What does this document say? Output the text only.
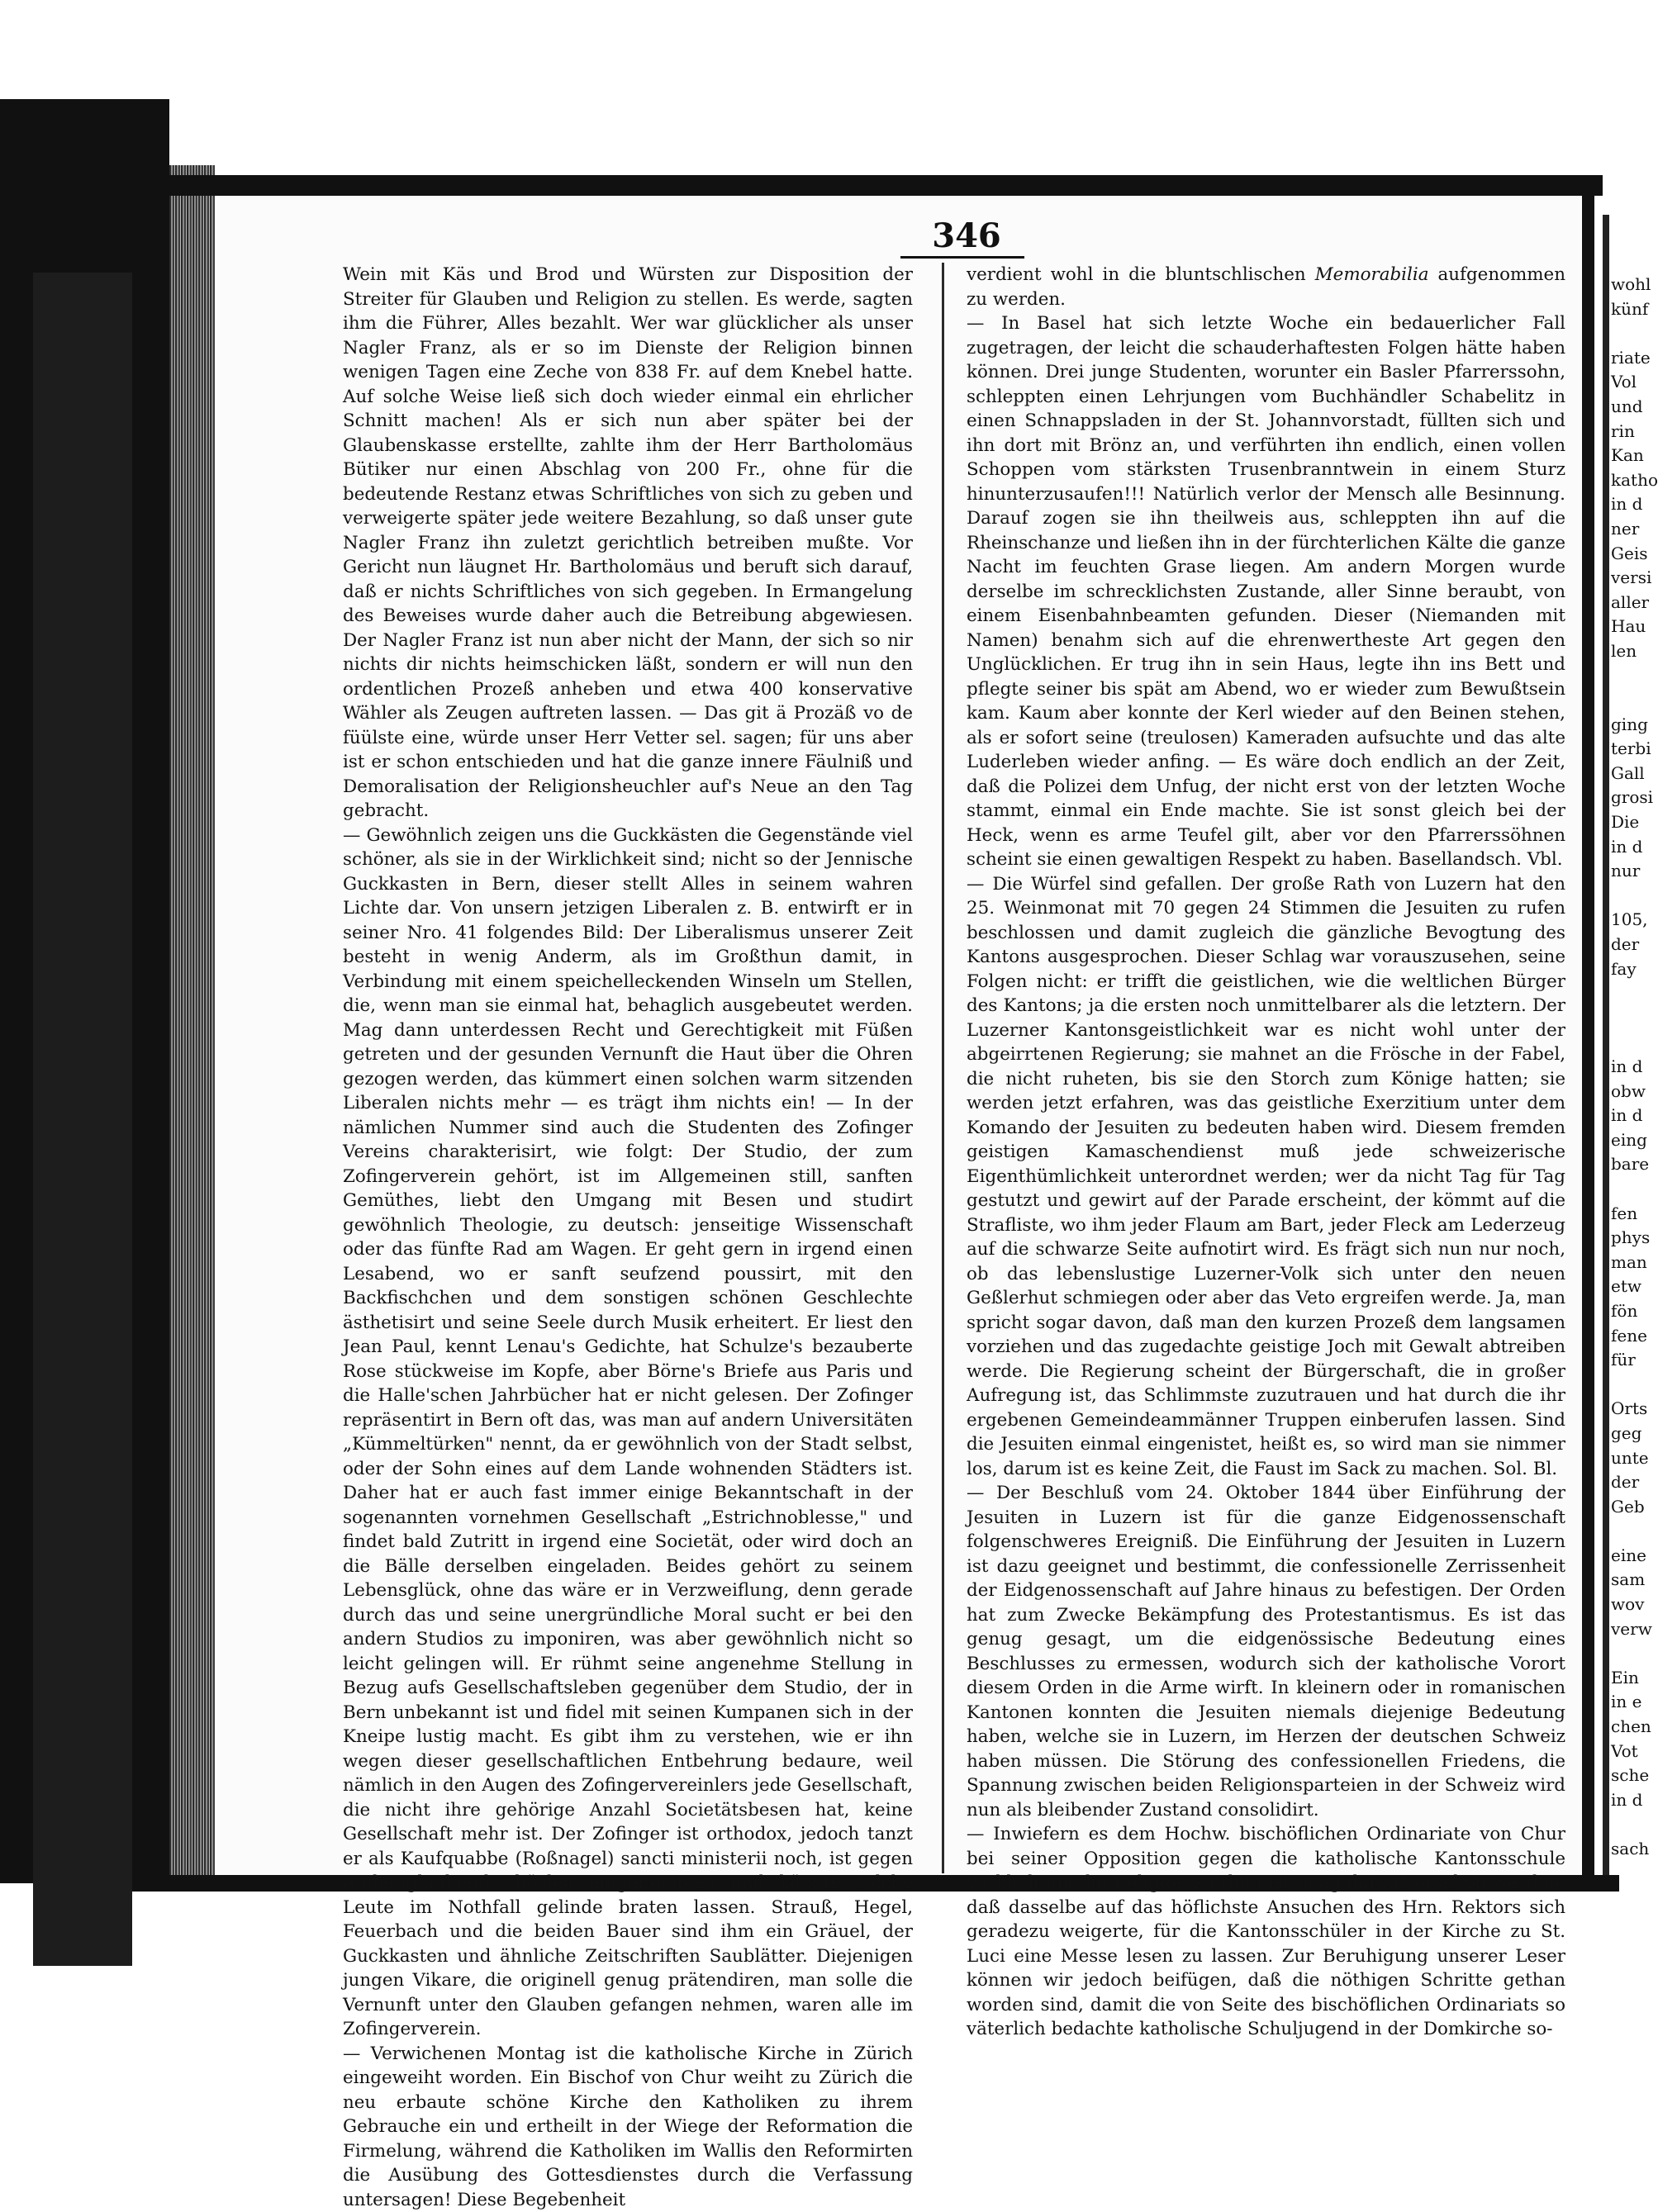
346

Wein mit Käs und Brod und Würsten zur Disposition der Streiter für Glauben und Religion zu stellen. Es werde, sagten ihm die Führer, Alles bezahlt. Wer war glücklicher als unser Nagler Franz, als er so im Dienste der Religion binnen wenigen Tagen eine Zeche von 838 Fr. auf dem Knebel hatte. Auf solche Weise ließ sich doch wieder einmal ein ehrlicher Schnitt machen! Als er sich nun aber später bei der Glaubenskasse erstellte, zahlte ihm der Herr Bartholomäus Bütiker nur einen Abschlag von 200 Fr., ohne für die bedeutende Restanz etwas Schriftliches von sich zu geben und verweigerte später jede weitere Bezahlung, so daß unser gute Nagler Franz ihn zuletzt gerichtlich betreiben mußte. Vor Gericht nun läugnet Hr. Bartholomäus und beruft sich darauf, daß er nichts Schriftliches von sich gegeben. In Ermangelung des Beweises wurde daher auch die Betreibung abgewiesen. Der Nagler Franz ist nun aber nicht der Mann, der sich so nir nichts dir nichts heimschicken läßt, sondern er will nun den ordentlichen Prozeß anheben und etwa 400 konservative Wähler als Zeugen auftreten lassen. — Das git ä Prozäß vo de füülste eine, würde unser Herr Vetter sel. sagen; für uns aber ist er schon entschieden und hat die ganze innere Fäulniß und Demoralisation der Religionsheuchler auf's Neue an den Tag gebracht.

— Gewöhnlich zeigen uns die Guckkästen die Gegenstände viel schöner, als sie in der Wirklichkeit sind; nicht so der Jennische Guckkasten in Bern, dieser stellt Alles in seinem wahren Lichte dar. Von unsern jetzigen Liberalen z. B. entwirft er in seiner Nro. 41 folgendes Bild: Der Liberalismus unserer Zeit besteht in wenig Anderm, als im Großthun damit, in Verbindung mit einem speichelleckenden Winseln um Stellen, die, wenn man sie einmal hat, behaglich ausgebeutet werden. Mag dann unterdessen Recht und Gerechtigkeit mit Füßen getreten und der gesunden Vernunft die Haut über die Ohren gezogen werden, das kümmert einen solchen warm sitzenden Liberalen nichts mehr — es trägt ihm nichts ein! — In der nämlichen Nummer sind auch die Studenten des Zofinger Vereins charakterisirt, wie folgt: Der Studio, der zum Zofingerverein gehört, ist im Allgemeinen still, sanften Gemüthes, liebt den Umgang mit Besen und studirt gewöhnlich Theologie, zu deutsch: jenseitige Wissenschaft oder das fünfte Rad am Wagen. Er geht gern in irgend einen Lesabend, wo er sanft seufzend poussirt, mit den Backfischchen und dem sonstigen schönen Geschlechte ästhetisirt und seine Seele durch Musik erheitert. Er liest den Jean Paul, kennt Lenau's Gedichte, hat Schulze's bezauberte Rose stückweise im Kopfe, aber Börne's Briefe aus Paris und die Halle'schen Jahrbücher hat er nicht gelesen. Der Zofinger repräsentirt in Bern oft das, was man auf andern Universitäten „Kümmeltürken" nennt, da er gewöhnlich von der Stadt selbst, oder der Sohn eines auf dem Lande wohnenden Städters ist. Daher hat er auch fast immer einige Bekanntschaft in der sogenannten vornehmen Gesellschaft „Estrichnoblesse," und findet bald Zutritt in irgend eine Societät, oder wird doch an die Bälle derselben eingeladen. Beides gehört zu seinem Lebensglück, ohne das wäre er in Verzweiflung, denn gerade durch das und seine unergründliche Moral sucht er bei den andern Studios zu imponiren, was aber gewöhnlich nicht so leicht gelingen will. Er rühmt seine angenehme Stellung in Bezug aufs Gesellschaftsleben gegenüber dem Studio, der in Bern unbekannt ist und fidel mit seinen Kumpanen sich in der Kneipe lustig macht. Es gibt ihm zu verstehen, wie er ihn wegen dieser gesellschaftlichen Entbehrung bedaure, weil nämlich in den Augen des Zofingervereinlers jede Gesellschaft, die nicht ihre gehörige Anzahl Societätsbesen hat, keine Gesellschaft mehr ist. Der Zofinger ist orthodox, jedoch tanzt er als Kaufquabbe (Roßnagel) sancti ministerii noch, ist gegen Andersglaubende höchst eingenommen und könnte solche Leute im Nothfall gelinde braten lassen. Strauß, Hegel, Feuerbach und die beiden Bauer sind ihm ein Gräuel, der Guckkasten und ähnliche Zeitschriften Saublätter. Diejenigen jungen Vikare, die originell genug prätendiren, man solle die Vernunft unter den Glauben gefangen nehmen, waren alle im Zofingerverein.

— Verwichenen Montag ist die katholische Kirche in Zürich eingeweiht worden. Ein Bischof von Chur weiht zu Zürich die neu erbaute schöne Kirche den Katholiken zu ihrem Gebrauche ein und ertheilt in der Wiege der Reformation die Firmelung, während die Katholiken im Wallis den Reformirten die Ausübung des Gottesdienstes durch die Verfassung untersagen! Diese Begebenheit

verdient wohl in die bluntschlischen Memorabilia aufgenommen zu werden.

— In Basel hat sich letzte Woche ein bedauerlicher Fall zugetragen, der leicht die schauderhaftesten Folgen hätte haben können. Drei junge Studenten, worunter ein Basler Pfarrerssohn, schleppten einen Lehrjungen vom Buchhändler Schabelitz in einen Schnappsladen in der St. Johannvorstadt, füllten sich und ihn dort mit Brönz an, und verführten ihn endlich, einen vollen Schoppen vom stärksten Trusenbranntwein in einem Sturz hinunterzusaufen!!! Natürlich verlor der Mensch alle Besinnung. Darauf zogen sie ihn theilweis aus, schleppten ihn auf die Rheinschanze und ließen ihn in der fürchterlichen Kälte die ganze Nacht im feuchten Grase liegen. Am andern Morgen wurde derselbe im schrecklichsten Zustande, aller Sinne beraubt, von einem Eisenbahnbeamten gefunden. Dieser (Niemanden mit Namen) benahm sich auf die ehrenwertheste Art gegen den Unglücklichen. Er trug ihn in sein Haus, legte ihn ins Bett und pflegte seiner bis spät am Abend, wo er wieder zum Bewußtsein kam. Kaum aber konnte der Kerl wieder auf den Beinen stehen, als er sofort seine (treulosen) Kameraden aufsuchte und das alte Luderleben wieder anfing. — Es wäre doch endlich an der Zeit, daß die Polizei dem Unfug, der nicht erst von der letzten Woche stammt, einmal ein Ende machte. Sie ist sonst gleich bei der Heck, wenn es arme Teufel gilt, aber vor den Pfarrerssöhnen scheint sie einen gewaltigen Respekt zu haben. Basellandsch. Vbl.

— Die Würfel sind gefallen. Der große Rath von Luzern hat den 25. Weinmonat mit 70 gegen 24 Stimmen die Jesuiten zu rufen beschlossen und damit zugleich die gänzliche Bevogtung des Kantons ausgesprochen. Dieser Schlag war vorauszusehen, seine Folgen nicht: er trifft die geistlichen, wie die weltlichen Bürger des Kantons; ja die ersten noch unmittelbarer als die letztern. Der Luzerner Kantonsgeistlichkeit war es nicht wohl unter der abgeirrtenen Regierung; sie mahnet an die Frösche in der Fabel, die nicht ruheten, bis sie den Storch zum Könige hatten; sie werden jetzt erfahren, was das geistliche Exerzitium unter dem Komando der Jesuiten zu bedeuten haben wird. Diesem fremden geistigen Kamaschendienst muß jede schweizerische Eigenthümlichkeit unterordnet werden; wer da nicht Tag für Tag gestutzt und gewirt auf der Parade erscheint, der kömmt auf die Strafliste, wo ihm jeder Flaum am Bart, jeder Fleck am Lederzeug auf die schwarze Seite aufnotirt wird. Es frägt sich nun nur noch, ob das lebenslustige Luzerner-Volk sich unter den neuen Geßlerhut schmiegen oder aber das Veto ergreifen werde. Ja, man spricht sogar davon, daß man den kurzen Prozeß dem langsamen vorziehen und das zugedachte geistige Joch mit Gewalt abtreiben werde. Die Regierung scheint der Bürgerschaft, die in großer Aufregung ist, das Schlimmste zuzutrauen und hat durch die ihr ergebenen Gemeindeammänner Truppen einberufen lassen. Sind die Jesuiten einmal eingenistet, heißt es, so wird man sie nimmer los, darum ist es keine Zeit, die Faust im Sack zu machen. Sol. Bl.

— Der Beschluß vom 24. Oktober 1844 über Einführung der Jesuiten in Luzern ist für die ganze Eidgenossenschaft folgenschweres Ereigniß. Die Einführung der Jesuiten in Luzern ist dazu geeignet und bestimmt, die confessionelle Zerrissenheit der Eidgenossenschaft auf Jahre hinaus zu befestigen. Der Orden hat zum Zwecke Bekämpfung des Protestantismus. Es ist das genug gesagt, um die eidgenössische Bedeutung eines Beschlusses zu ermessen, wodurch sich der katholische Vorort diesem Orden in die Arme wirft. In kleinern oder in romanischen Kantonen konnten die Jesuiten niemals diejenige Bedeutung haben, welche sie in Luzern, im Herzen der deutschen Schweiz haben müssen. Die Störung des confessionellen Friedens, die Spannung zwischen beiden Religionsparteien in der Schweiz wird nun als bleibender Zustand consolidirt.

— Inwiefern es dem Hochw. bischöflichen Ordinariate von Chur bei seiner Opposition gegen die katholische Kantonsschule wirklich um die Religion zu thun ist, mag daraus ersehen werden, daß dasselbe auf das höflichste Ansuchen des Hrn. Rektors sich geradezu weigerte, für die Kantonsschüler in der Kirche zu St. Luci eine Messe lesen zu lassen. Zur Beruhigung unserer Leser können wir jedoch beifügen, daß die nöthigen Schritte gethan worden sind, damit die von Seite des bischöflichen Ordinariats so väterlich bedachte katholische Schuljugend in der Domkirche so-

wohl
künf
riate
Vol
und
rin
Kan
katho
in d
ner
Geis
versi
aller
Hau
len
ging
terbi
Gall
grosi
Die
in d
nur
105,
der
fay
in d
obw
in d
eing
bare
fen
phys
man
etw
fön
fene
für
Orts
geg
unte
der
Geb
eine
sam
wov
verw
Ein
in e
chen
Vot
sche
in d
sach
